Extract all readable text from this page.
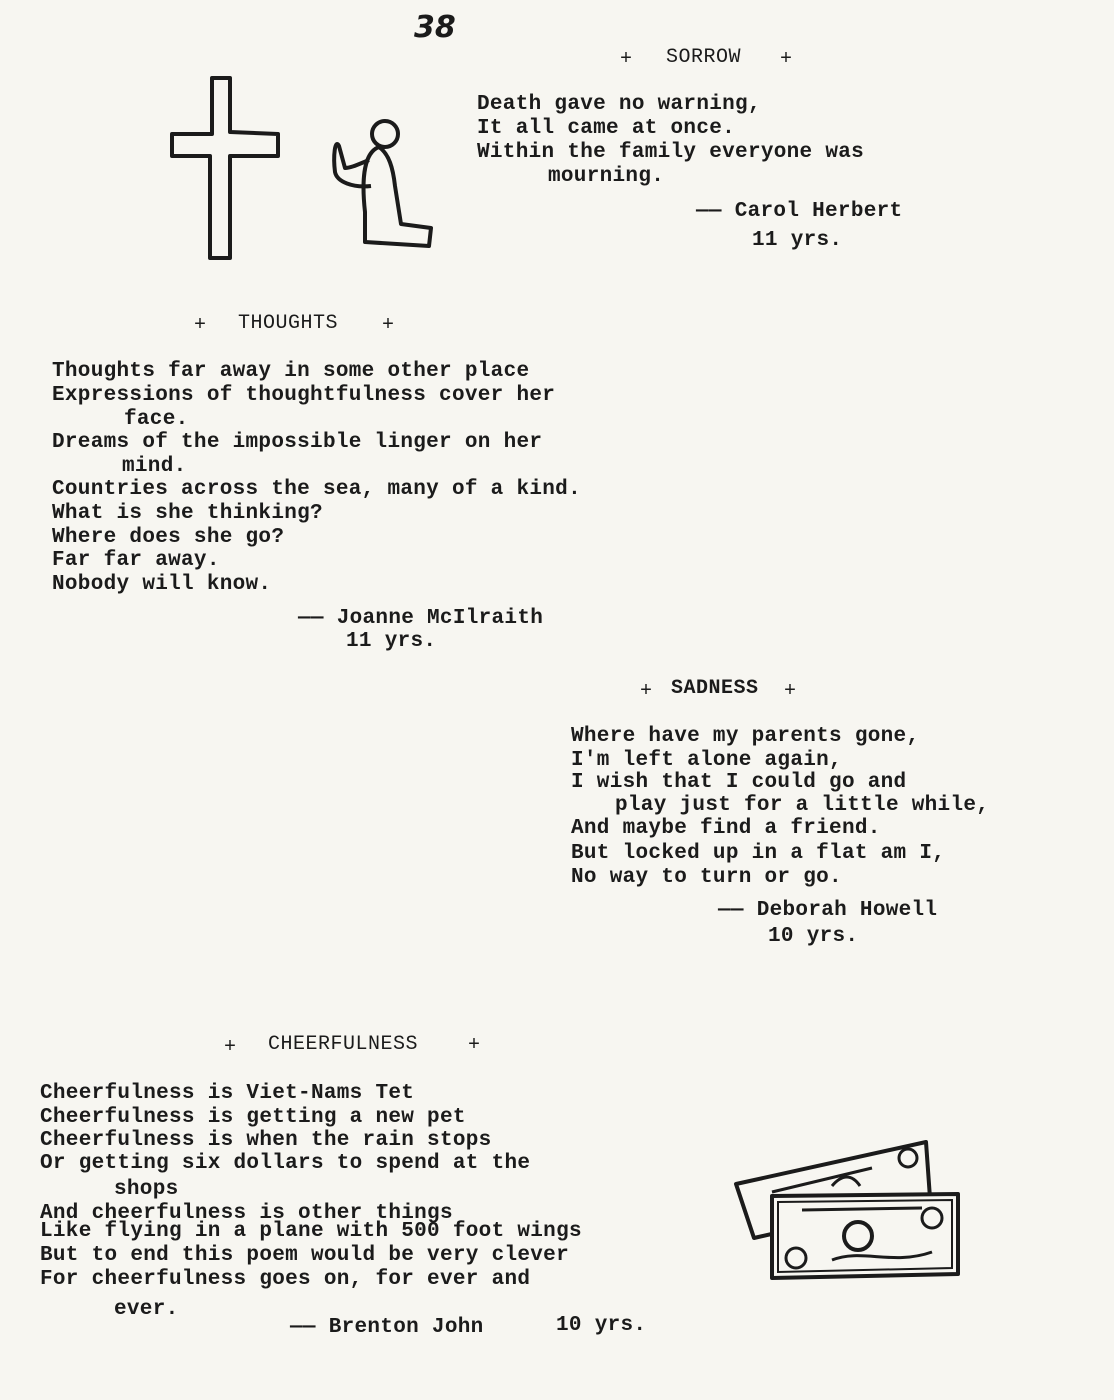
38
+ SORROW +
Death gave no warning,
It all came at once.
Within the family everyone was
mourning.
—— Carol Herbert
11 yrs.
+ THOUGHTS +
Thoughts far away in some other place
Expressions of thoughtfulness cover her
face.
Dreams of the impossible linger on her
mind.
Countries across the sea, many of a kind.
What is she thinking?
Where does she go?
Far far away.
Nobody will know.
—— Joanne McIlraith
11 yrs.
+ SADNESS +
Where have my parents gone,
I'm left alone again,
I wish that I could go and
play just for a little while,
And maybe find a friend.
But locked up in a flat am I,
No way to turn or go.
—— Deborah Howell
10 yrs.
+ CHEERFULNESS +
Cheerfulness is Viet-Nams Tet
Cheerfulness is getting a new pet
Cheerfulness is when the rain stops
Or getting six dollars to spend at the
shops
And cheerfulness is other things
Like flying in a plane with 500 foot wings
But to end this poem would be very clever
For cheerfulness goes on, for ever and
ever.
—— Brenton John	10 yrs.
